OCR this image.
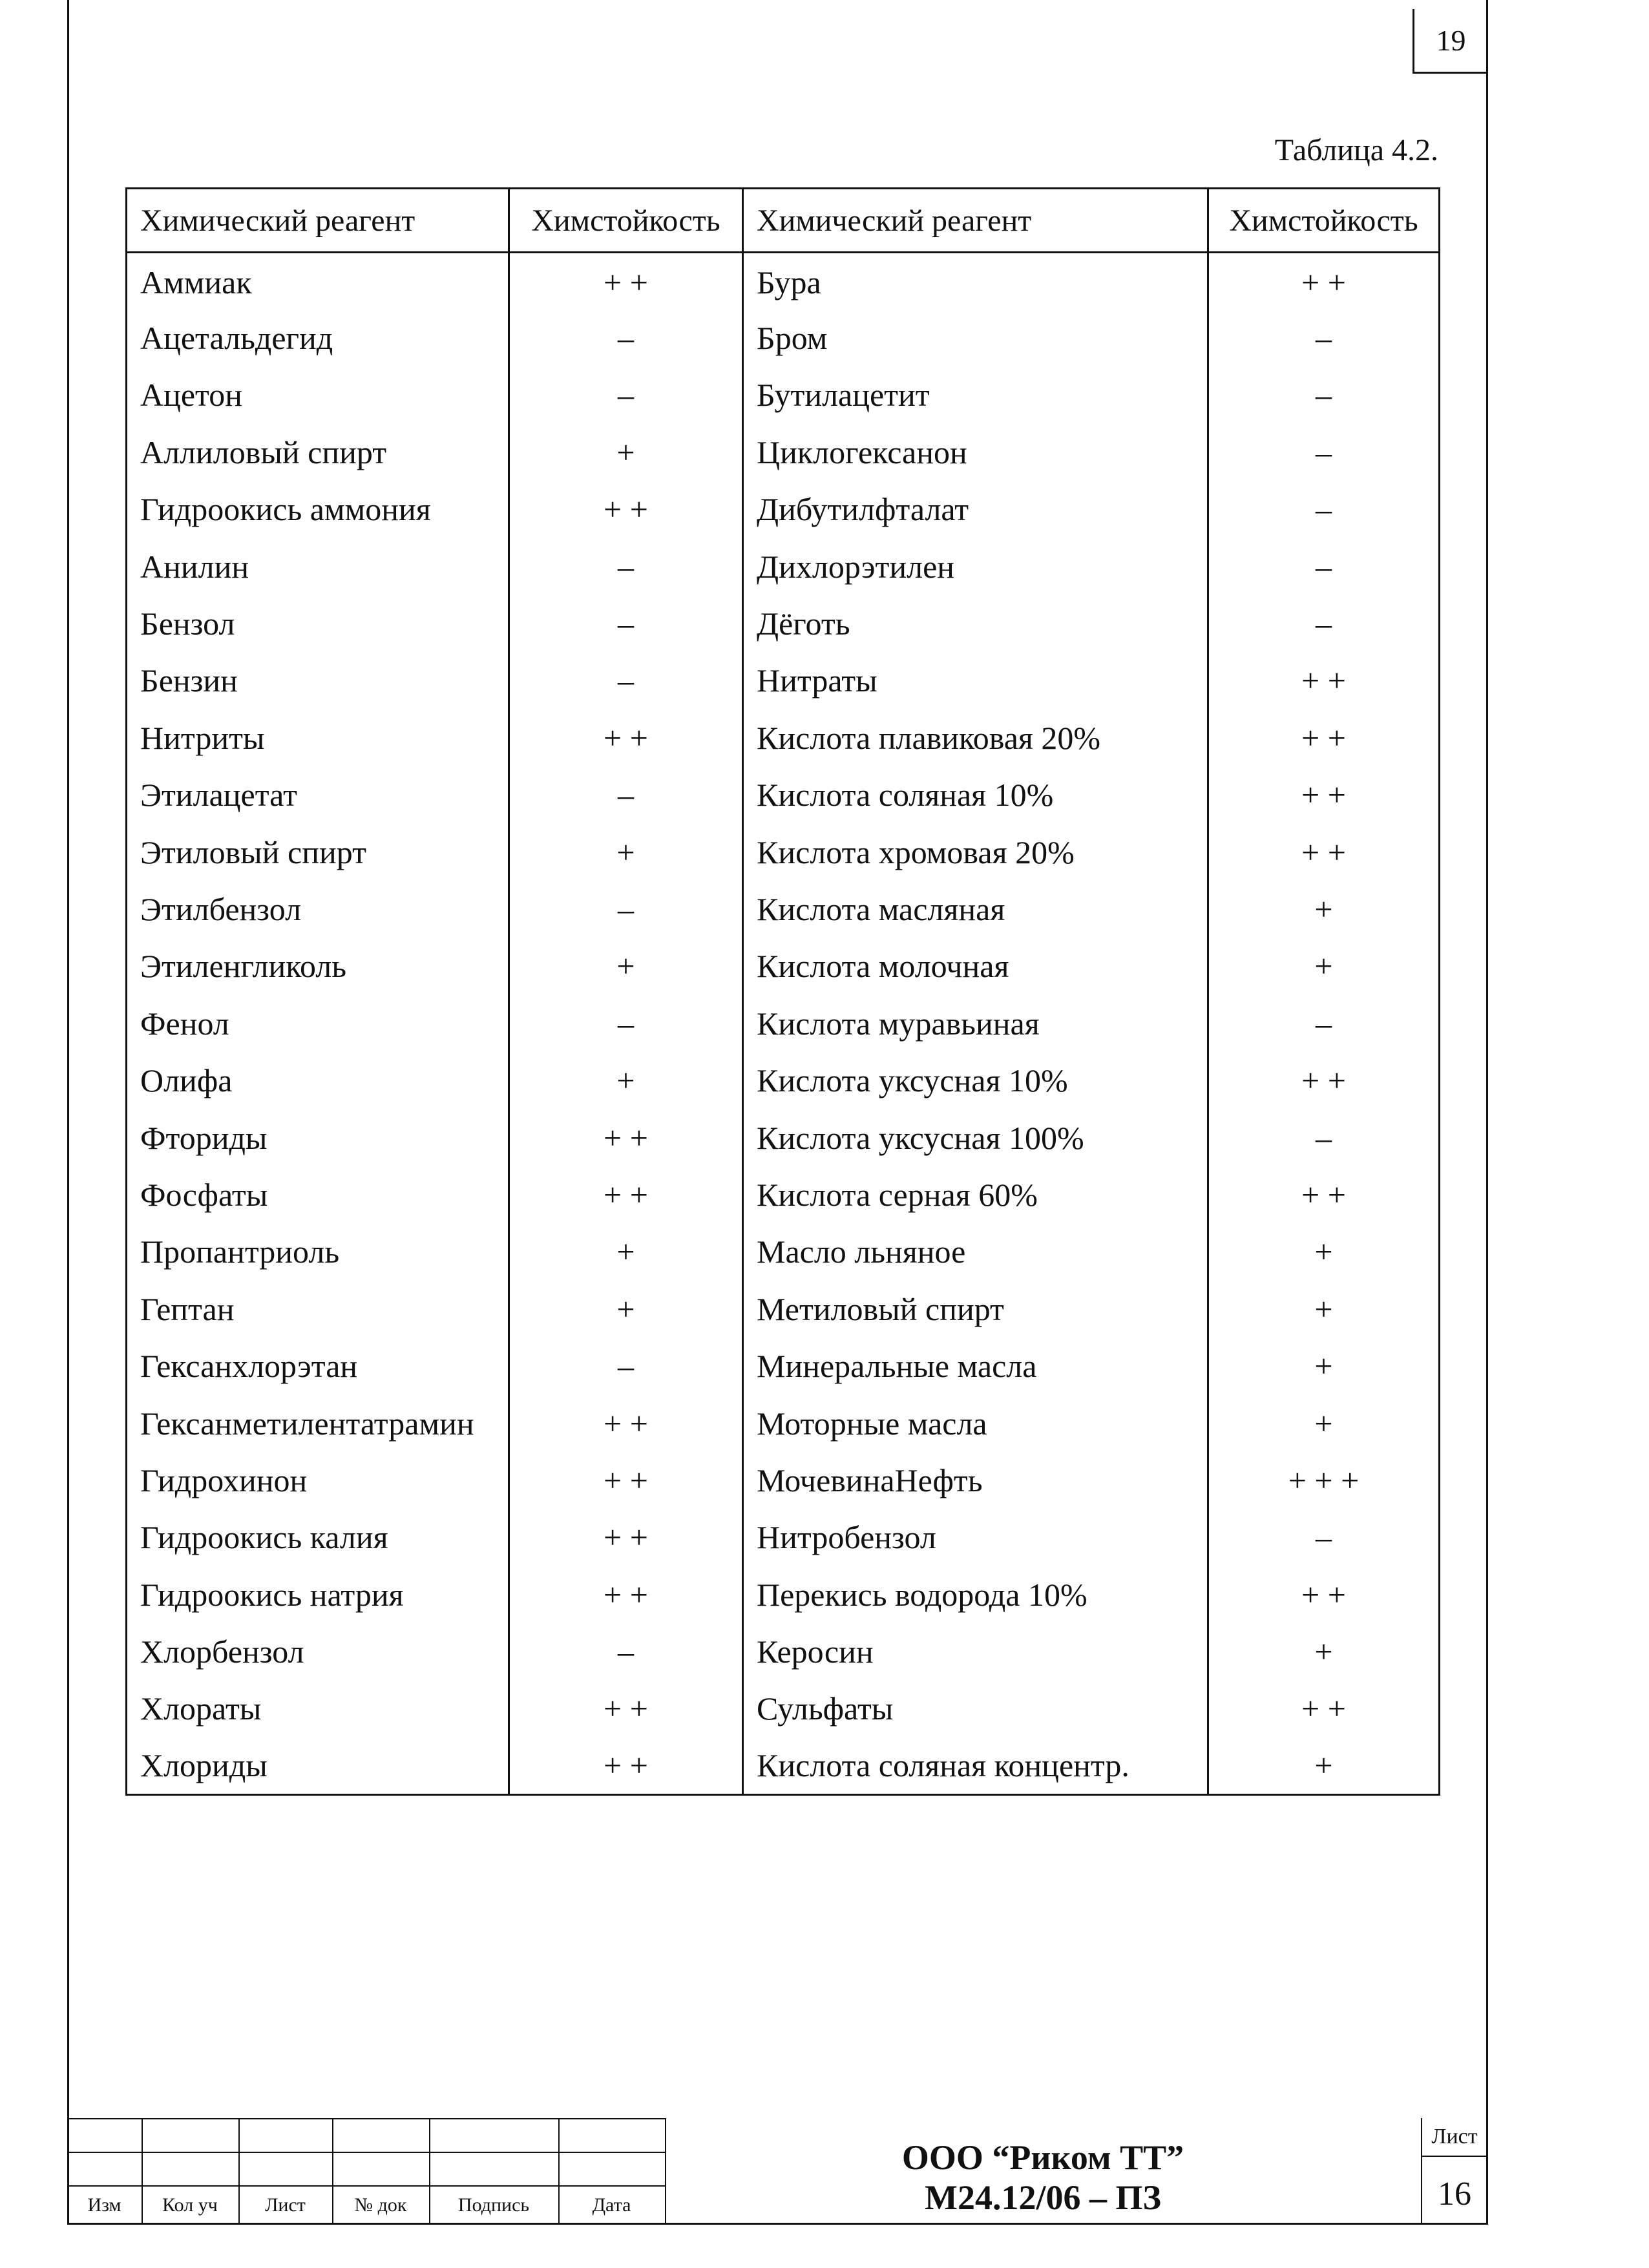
19
Таблица 4.2.
Химический реагент	Химстойкость	Химический реагент	Химстойкость
Аммиак	+ +	Бура	+ +
Ацетальдегид	–	Бром	–
Ацетон	–	Бутилацетит	–
Аллиловый спирт	+	Циклогексанон	–
Гидроокись аммония	+ +	Дибутилфталат	–
Анилин	–	Дихлорэтилен	–
Бензол	–	Дёготь	–
Бензин	–	Нитраты	+ +
Нитриты	+ +	Кислота плавиковая 20%	+ +
Этилацетат	–	Кислота соляная 10%	+ +
Этиловый спирт	+	Кислота хромовая 20%	+ +
Этилбензол	–	Кислота масляная	+
Этиленгликоль	+	Кислота молочная	+
Фенол	–	Кислота муравьиная	–
Олифа	+	Кислота уксусная 10%	+ +
Фториды	+ +	Кислота уксусная 100%	–
Фосфаты	+ +	Кислота серная 60%	+ +
Пропантриоль	+	Масло льняное	+
Гептан	+	Метиловый спирт	+
Гексанхлорэтан	–	Минеральные масла	+
Гексанметилентатрамин	+ +	Моторные масла	+
Гидрохинон	+ +	МочевинаНефть	+ + +
Гидроокись калия	+ +	Нитробензол	–
Гидроокись натрия	+ +	Перекись водорода 10%	+ +
Хлорбензол	–	Керосин	+
Хлораты	+ +	Сульфаты	+ +
Хлориды	+ +	Кислота соляная концентр.	+
Изм	Кол уч	Лист	№ док	Подпись	Дата
ООО “Риком ТТ”
М24.12/06 – ПЗ
Лист
16
